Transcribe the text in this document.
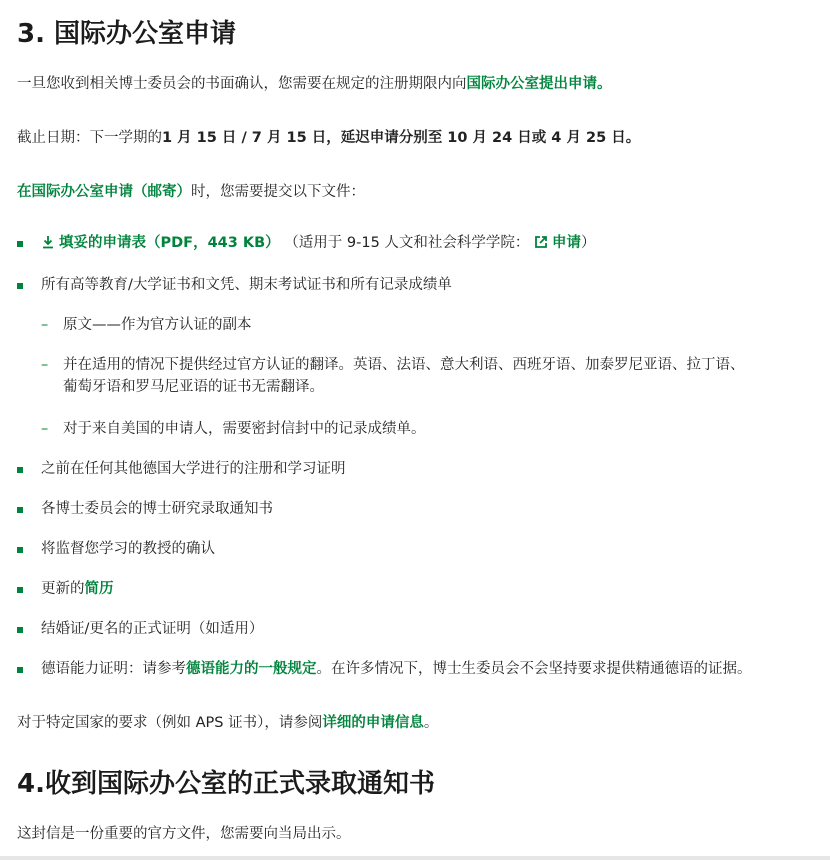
3. 国际办公室申请
一旦您收到相关博士委员会的书面确认，您需要在规定的注册期限内向国际办公室提出申请。
截止日期：下一学期的1 月 15 日 / 7 月 15 日，延迟申请分别至 10 月 24 日或 4 月 25 日。
在国际办公室申请（邮寄）时，您需要提交以下文件：
填妥的申请表（PDF，443 KB） （适用于 9-15 人文和社会科学学院： 申请）
所有高等教育/大学证书和文凭、期末考试证书和所有记录成绩单
– 原文——作为官方认证的副本
– 并在适用的情况下提供经过官方认证的翻译。英语、法语、意大利语、西班牙语、加泰罗尼亚语、拉丁语、
葡萄牙语和罗马尼亚语的证书无需翻译。
– 对于来自美国的申请人，需要密封信封中的记录成绩单。
之前在任何其他德国大学进行的注册和学习证明
各博士委员会的博士研究录取通知书
将监督您学习的教授的确认
更新的简历
结婚证/更名的正式证明（如适用）
德语能力证明：请参考德语能力的一般规定。在许多情况下，博士生委员会不会坚持要求提供精通德语的证据。
对于特定国家的要求（例如 APS 证书），请参阅详细的申请信息。
4.收到国际办公室的正式录取通知书
这封信是一份重要的官方文件，您需要向当局出示。
